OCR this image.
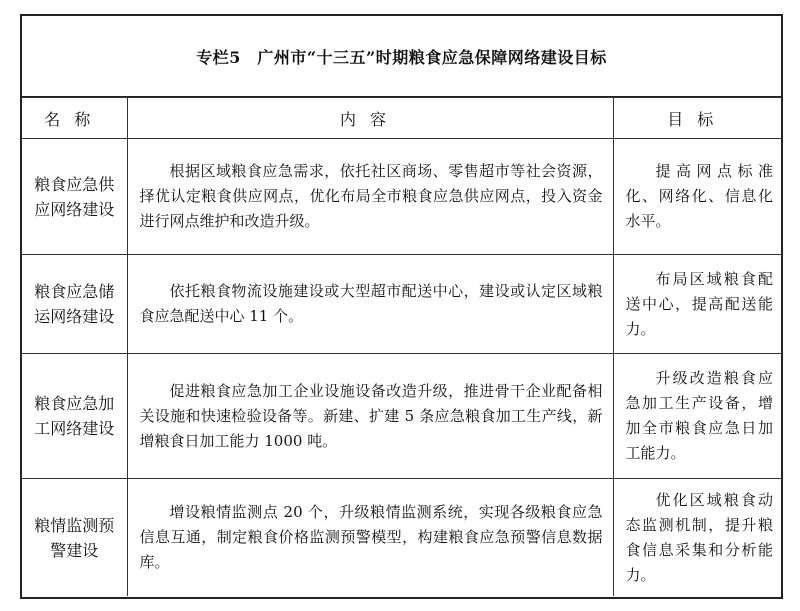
专栏5　广州市“十三五”时期粮食应急保障网络建设目标
名称	内容	目标
粮食应急供应网络建设	根据区域粮食应急需求，依托社区商场、零售超市等社会资源，择优认定粮食供应网点，优化布局全市粮食应急供应网点，投入资金进行网点维护和改造升级。	提高网点标准化、网络化、信息化水平。
粮食应急储运网络建设	依托粮食物流设施建设或大型超市配送中心，建设或认定区域粮食应急配送中心 11 个。	布局区域粮食配送中心，提高配送能力。
粮食应急加工网络建设	促进粮食应急加工企业设施设备改造升级，推进骨干企业配备相关设施和快速检验设备等。新建、扩建 5 条应急粮食加工生产线，新增粮食日加工能力 1000 吨。	升级改造粮食应急加工生产设备，增加全市粮食应急日加工能力。
粮情监测预警建设	增设粮情监测点 20 个，升级粮情监测系统，实现各级粮食应急信息互通，制定粮食价格监测预警模型，构建粮食应急预警信息数据库。	优化区域粮食动态监测机制，提升粮食信息采集和分析能力。
